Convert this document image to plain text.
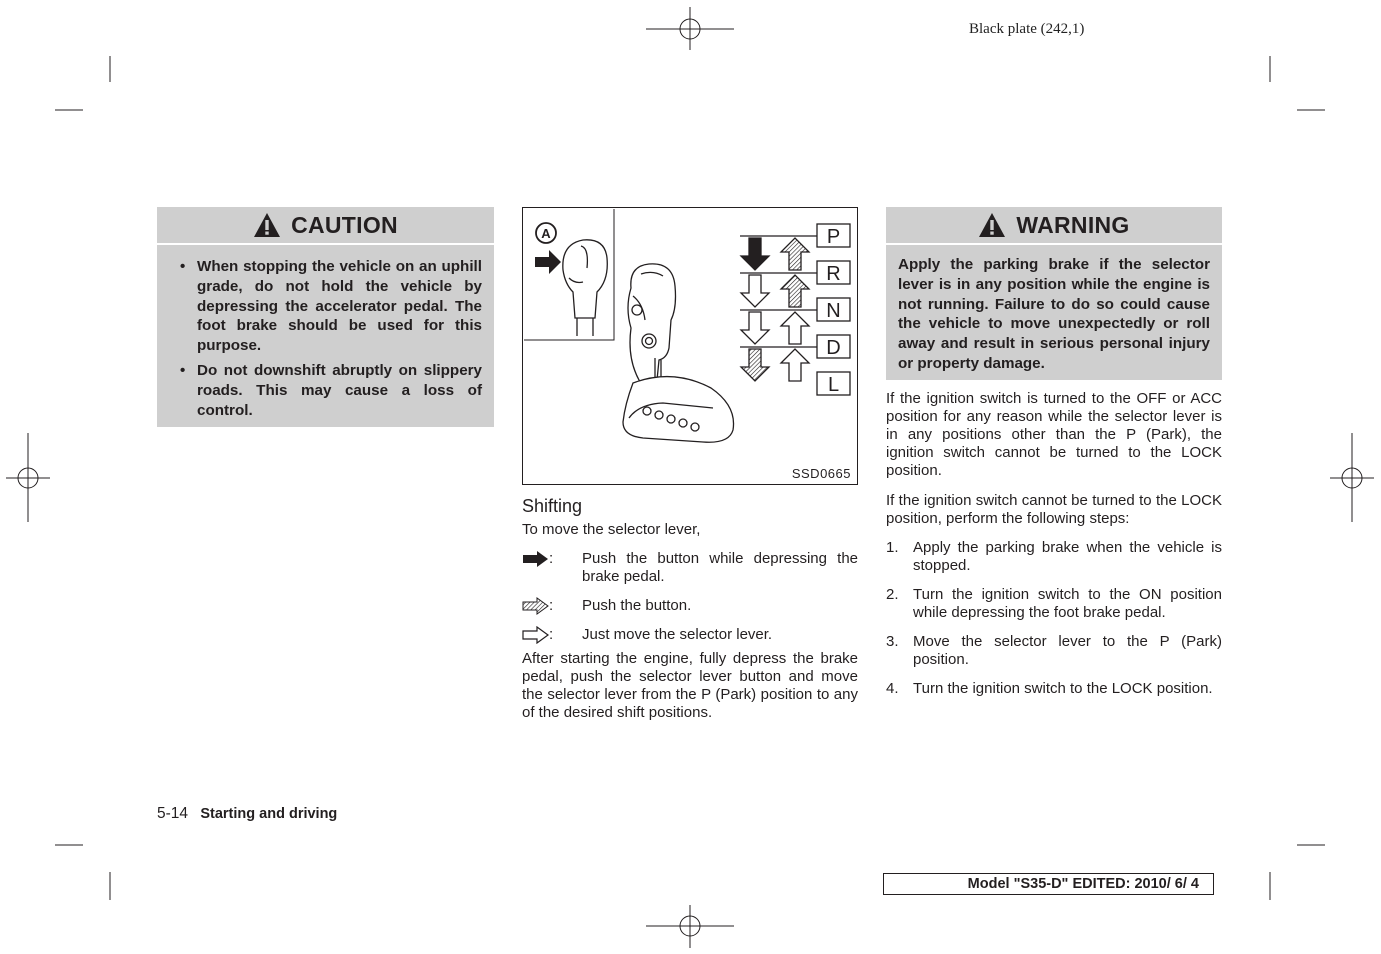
Black plate (242,1)
CAUTION
• When stopping the vehicle on an uphill grade, do not hold the vehicle by depressing the accelerator pedal. The foot brake should be used for this purpose.
• Do not downshift abruptly on slippery roads. This may cause a loss of control.
A	P
R
N
D
L
SSD0665
Shifting
To move the selector lever,
: Push the button while depressing the brake pedal.
: Push the button.
: Just move the selector lever.
After starting the engine, fully depress the brake pedal, push the selector lever button and move the selector lever from the P (Park) position to any of the desired shift positions.
WARNING

Apply the parking brake if the selector lever is in any position while the engine is not running. Failure to do so could cause the vehicle to move unexpectedly or roll away and result in serious personal injury or property damage.

If the ignition switch is turned to the OFF or ACC position for any reason while the selector lever is in any positions other than the P (Park), the ignition switch cannot be turned to the LOCK position.
If the ignition switch cannot be turned to the LOCK position, perform the following steps:
1. Apply the parking brake when the vehicle is stopped.
2. Turn the ignition switch to the ON position while depressing the foot brake pedal.
3. Move the selector lever to the P (Park) position.
4. Turn the ignition switch to the LOCK position.
5-14 Starting and driving
Model "S35-D" EDITED: 2010/ 6/ 4
